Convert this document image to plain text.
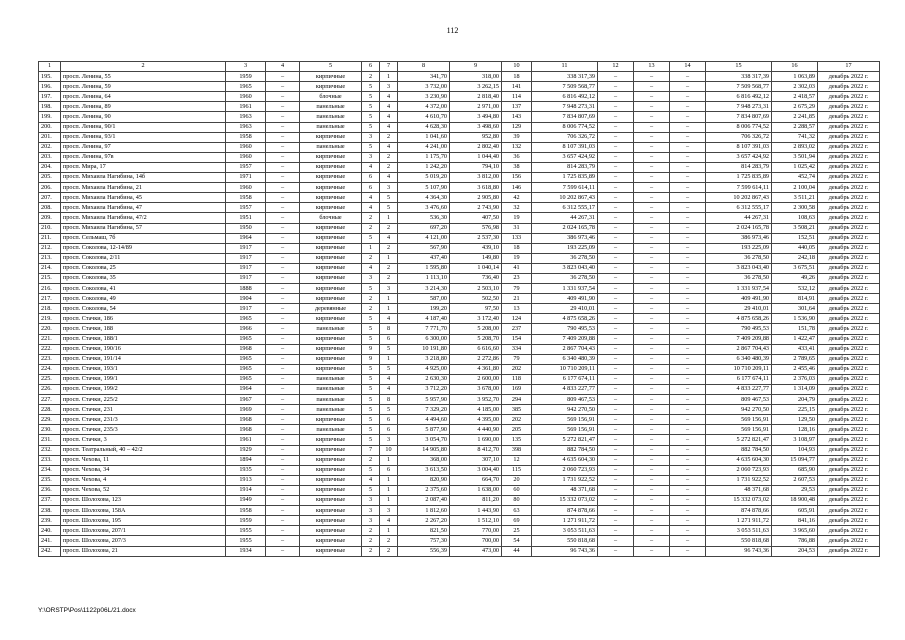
112
1	2	3	4	5	6	7	8	9	10	11	12	13	14	15	16	17
195.	просп. Ленина, 55	1959	–	кирпичные	2	1	341,70	318,00	18	338 317,39	–	–	–	338 317,39	1 063,89	декабрь 2022 г.
196.	просп. Ленина, 59	1965	–	кирпичные	5	3	3 732,00	3 262,15	141	7 509 568,77	–	–	–	7 509 568,77	2 302,03	декабрь 2022 г.
197.	просп. Ленина, 64	1960	–	блочные	5	4	3 230,90	2 818,40	114	6 816 492,12	–	–	–	6 816 492,12	2 418,57	декабрь 2022 г.
198.	просп. Ленина, 89	1961	–	панельные	5	4	4 372,00	2 971,00	137	7 948 273,31	–	–	–	7 948 273,31	2 675,29	декабрь 2022 г.
199.	просп. Ленина, 90	1963	–	панельные	5	4	4 610,70	3 494,80	143	7 834 807,69	–	–	–	7 834 807,69	2 241,85	декабрь 2022 г.
200.	просп. Ленина, 90/1	1963	–	панельные	5	4	4 628,30	3 498,60	129	8 006 774,52	–	–	–	8 006 774,52	2 288,57	декабрь 2022 г.
201.	просп. Ленина, 93/1	1958	–	кирпичные	3	2	1 041,60	952,80	39	706 326,72	–	–	–	706 326,72	741,32	декабрь 2022 г.
202.	просп. Ленина, 97	1960	–	панельные	5	4	4 241,00	2 802,40	132	8 107 391,03	–	–	–	8 107 391,03	2 893,02	декабрь 2022 г.
203.	просп. Ленина, 97в	1960	–	кирпичные	3	2	1 175,70	1 044,40	36	3 657 424,92	–	–	–	3 657 424,92	3 501,94	декабрь 2022 г.
204.	просп. Мира, 17	1957	–	кирпичные	4	2	1 242,20	794,10	38	814 283,79	–	–	–	814 283,79	1 025,42	декабрь 2022 г.
205.	просп. Михаила Нагибина, 14б	1971	–	кирпичные	6	4	5 019,20	3 812,00	156	1 725 835,89	–	–	–	1 725 835,89	452,74	декабрь 2022 г.
206.	просп. Михаила Нагибина, 21	1960	–	кирпичные	6	3	5 107,90	3 618,80	146	7 599 614,11	–	–	–	7 599 614,11	2 100,04	декабрь 2022 г.
207.	просп. Михаила Нагибина, 45	1958	–	кирпичные	4	5	4 364,30	2 905,80	42	10 202 867,43	–	–	–	10 202 867,43	3 511,21	декабрь 2022 г.
208.	просп. Михаила Нагибина, 47	1957	–	кирпичные	4	5	3 476,60	2 743,90	32	6 312 555,17	–	–	–	6 312 555,17	2 300,58	декабрь 2022 г.
209.	просп. Михаила Нагибина, 47/2	1951	–	блочные	2	1	536,30	407,50	19	44 267,31	–	–	–	44 267,31	108,63	декабрь 2022 г.
210.	просп. Михаила Нагибина, 57	1950	–	кирпичные	2	2	697,20	576,98	31	2 024 165,78	–	–	–	2 024 165,78	3 508,21	декабрь 2022 г.
211.	просп. Сельмаш, 7б	1964	–	кирпичные	5	4	4 121,00	2 537,30	133	386 973,46	–	–	–	386 973,46	152,51	декабрь 2022 г.
212.	просп. Соколова, 12-14/89	1917	–	кирпичные	1	2	567,90	439,10	18	193 225,09	–	–	–	193 225,09	440,05	декабрь 2022 г.
213.	просп. Соколова, 2/11	1917	–	кирпичные	2	1	437,40	149,80	19	36 278,50	–	–	–	36 278,50	242,18	декабрь 2022 г.
214.	просп. Соколова, 25	1917	–	кирпичные	4	2	1 595,80	1 040,14	41	3 823 043,40	–	–	–	3 823 043,40	3 675,51	декабрь 2022 г.
215.	просп. Соколова, 35	1917	–	кирпичные	3	2	1 113,10	736,40	23	36 278,50	–	–	–	36 278,50	49,26	декабрь 2022 г.
216.	просп. Соколова, 41	1888	–	кирпичные	5	3	3 214,30	2 503,10	79	1 331 937,54	–	–	–	1 331 937,54	532,12	декабрь 2022 г.
217.	просп. Соколова, 49	1904	–	кирпичные	2	1	587,00	502,50	21	409 491,90	–	–	–	409 491,90	814,91	декабрь 2022 г.
218.	просп. Соколова, 54	1917	–	деревянные	2	1	199,20	97,50	13	29 410,01	–	–	–	29 410,01	301,64	декабрь 2022 г.
219.	просп. Стачки, 186	1965	–	кирпичные	5	4	4 187,40	3 172,40	124	4 875 658,26	–	–	–	4 875 658,26	1 536,90	декабрь 2022 г.
220.	просп. Стачки, 188	1966	–	панельные	5	8	7 771,70	5 208,00	237	790 495,53	–	–	–	790 495,53	151,78	декабрь 2022 г.
221.	просп. Стачки, 188/1	1965	–	кирпичные	5	6	6 300,00	5 208,70	154	7 409 209,88	–	–	–	7 409 209,88	1 422,47	декабрь 2022 г.
222.	просп. Стачки, 190/16	1968	–	кирпичные	9	5	10 191,80	6 616,60	334	2 867 704,43	–	–	–	2 867 704,43	433,41	декабрь 2022 г.
223.	просп. Стачки, 191/14	1965	–	кирпичные	9	1	3 218,80	2 272,86	79	6 340 480,39	–	–	–	6 340 480,39	2 789,65	декабрь 2022 г.
224.	просп. Стачки, 193/1	1965	–	кирпичные	5	5	4 925,00	4 361,80	202	10 710 209,11	–	–	–	10 710 209,11	2 455,46	декабрь 2022 г.
225.	просп. Стачки, 199/1	1965	–	панельные	5	4	2 630,30	2 600,00	118	6 177 674,11	–	–	–	6 177 674,11	2 376,03	декабрь 2022 г.
226.	просп. Стачки, 199/2	1964	–	панельные	5	4	3 712,20	3 678,00	169	4 833 227,77	–	–	–	4 833 227,77	1 314,09	декабрь 2022 г.
227.	просп. Стачки, 225/2	1967	–	панельные	5	8	5 957,90	3 952,70	294	809 467,53	–	–	–	809 467,53	204,79	декабрь 2022 г.
228.	просп. Стачки, 231	1969	–	панельные	5	5	7 329,20	4 185,00	385	942 270,50	–	–	–	942 270,50	225,15	декабрь 2022 г.
229.	просп. Стачки, 231/3	1968	–	кирпичные	5	6	4 494,60	4 395,00	202	569 156,91	–	–	–	569 156,91	129,50	декабрь 2022 г.
230.	просп. Стачки, 235/3	1968	–	панельные	5	6	5 877,90	4 440,90	205	569 156,91	–	–	–	569 156,91	128,16	декабрь 2022 г.
231.	просп. Стачки, 3	1961	–	кирпичные	5	3	3 054,70	1 690,00	135	5 272 821,47	–	–	–	5 272 821,47	3 108,97	декабрь 2022 г.
232.	просп. Театральный, 40 – 42/2	1929	–	кирпичные	7	10	14 905,80	8 412,70	398	882 784,50	–	–	–	882 784,50	104,93	декабрь 2022 г.
233.	просп. Чехова, 11	1894	–	кирпичные	2	1	368,00	307,10	12	4 635 604,30	–	–	–	4 635 604,30	15 094,77	декабрь 2022 г.
234.	просп. Чехова, 34	1935	–	кирпичные	5	6	3 613,50	3 004,40	115	2 060 723,93	–	–	–	2 060 723,93	685,90	декабрь 2022 г.
235.	просп. Чехова, 4	1913	–	кирпичные	4	1	820,90	664,70	20	1 731 922,52	–	–	–	1 731 922,52	2 607,53	декабрь 2022 г.
236.	просп. Чехова, 52	1914	–	кирпичные	5	1	2 375,60	1 638,00	60	48 371,68	–	–	–	48 371,68	29,53	декабрь 2022 г.
237.	просп. Шолохова, 123	1949	–	кирпичные	3	1	2 087,40	811,20	80	15 332 073,02	–	–	–	15 332 073,02	18 900,48	декабрь 2022 г.
238.	просп. Шолохова, 158А	1958	–	кирпичные	3	3	1 812,60	1 443,90	63	874 878,66	–	–	–	874 878,66	605,91	декабрь 2022 г.
239.	просп. Шолохова, 195	1959	–	кирпичные	3	4	2 267,20	1 512,10	69	1 271 911,72	–	–	–	1 271 911,72	841,16	декабрь 2022 г.
240.	просп. Шолохова, 207/1	1955	–	кирпичные	2	1	821,50	770,00	25	3 053 511,63	–	–	–	3 053 511,63	3 965,60	декабрь 2022 г.
241.	просп. Шолохова, 207/3	1955	–	кирпичные	2	2	757,30	700,00	54	550 818,68	–	–	–	550 818,68	786,88	декабрь 2022 г.
242.	просп. Шолохова, 21	1934	–	кирпичные	2	2	556,39	473,00	44	96 743,36	–	–	–	96 743,36	204,53	декабрь 2022 г.
Y:\ORSTP\Pos\1122p06L/21.docx
